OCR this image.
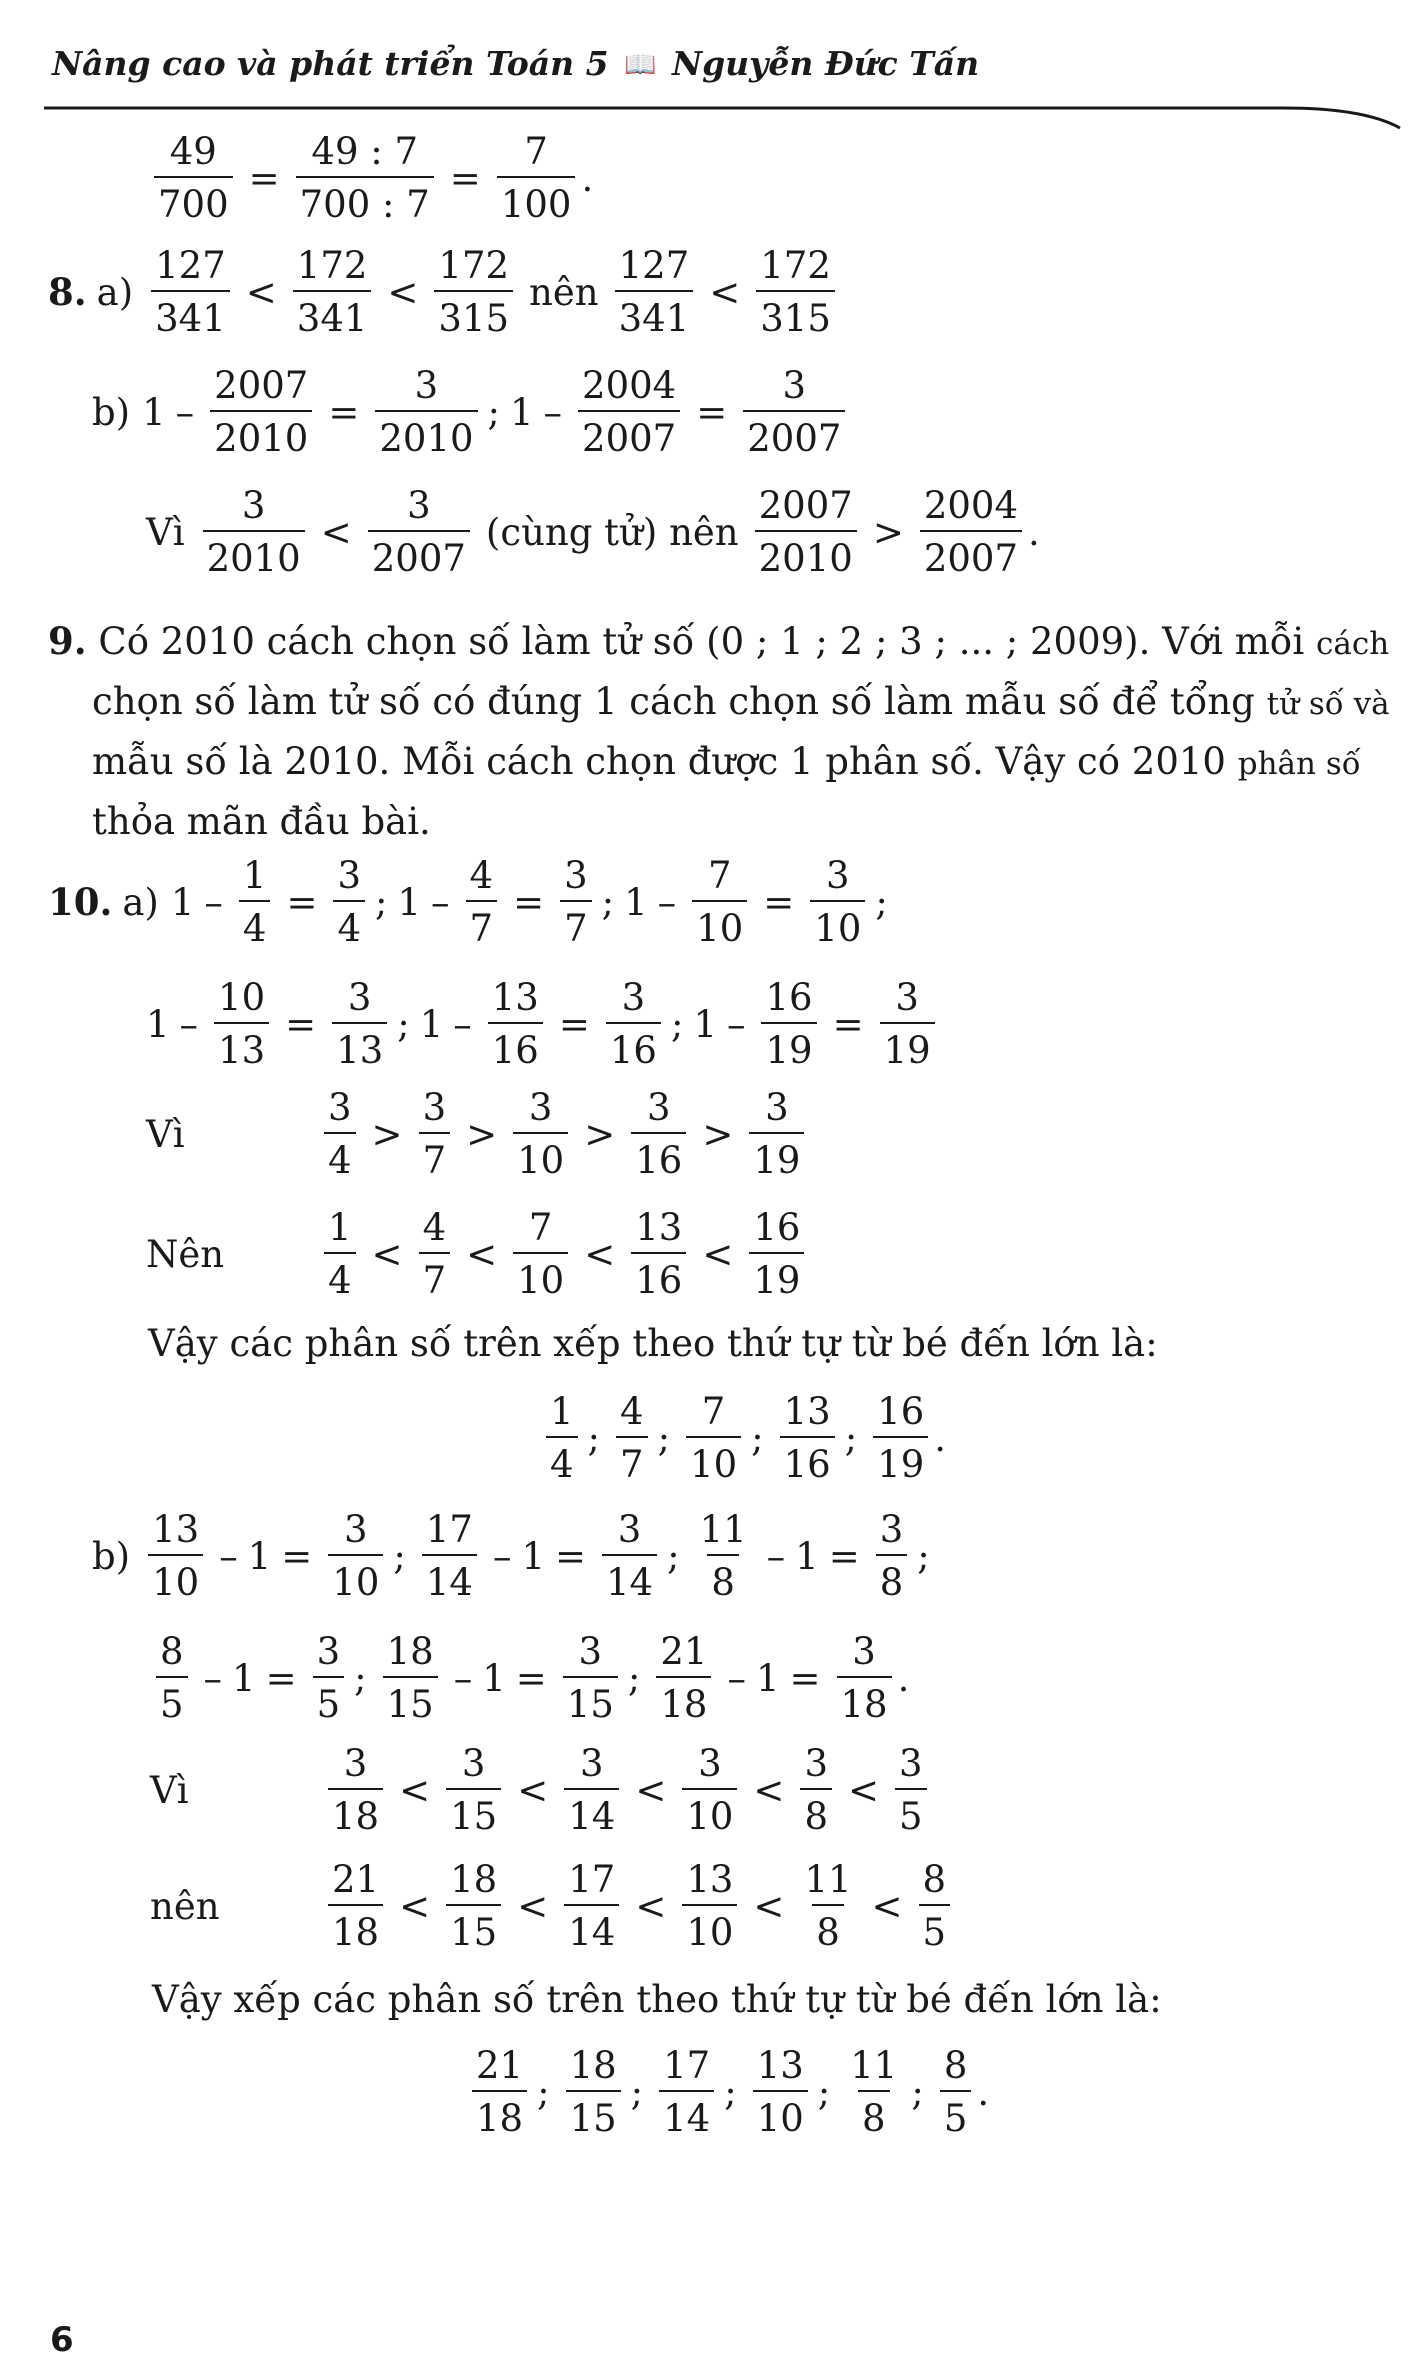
Nâng cao và phát triển Toán 5 📖 Nguyễn Đức Tấn
$\frac{49}{700} = \frac{49 : 7}{700 : 7} = \frac{7}{100}$ .
8. $a) \frac{127}{341} < \frac{172}{341} < \frac{172}{315}$ nên $\frac{127}{341} < \frac{172}{315}$
b) $1 - \frac{2007}{2010} = \frac{3}{2010}$ ; $1 - \frac{2004}{2007} = \frac{3}{2007}$
Vì $\frac{3}{2010} < \frac{3}{2007}$ (cùng tử) nên $\frac{2007}{2010} > \frac{2004}{2007}$ .
9. Có 2010 cách chọn số làm tử số (0 ; 1 ; 2 ; 3 ; ... ; 2009). Với mỗi cách
chọn số làm tử số có đúng 1 cách chọn số làm mẫu số để tổng tử số và
mẫu số là 2010. Mỗi cách chọn được 1 phân số. Vậy có 2010 phân số
thỏa mãn đầu bài.
10. a) $1 - \frac{1}{4} = \frac{3}{4}$ ; $1 - \frac{4}{7} = \frac{3}{7}$ ; $1 - \frac{7}{10} = \frac{3}{10}$ ;
$1 - \frac{10}{13} = \frac{3}{13}$ ; $1 - \frac{13}{16} = \frac{3}{16}$ ; $1 - \frac{16}{19} = \frac{3}{19}$
Vì	$\frac{3}{4} > \frac{3}{7} > \frac{3}{10} > \frac{3}{16} > \frac{3}{19}$
Nên	$\frac{1}{4} < \frac{4}{7} < \frac{7}{10} < \frac{13}{16} < \frac{16}{19}$
Vậy các phân số trên xếp theo thứ tự từ bé đến lớn là:
$\frac{1}{4}$ ; $\frac{4}{7}$ ; $\frac{7}{10}$ ; $\frac{13}{16}$ ; $\frac{16}{19}$ .
$b) \frac{13}{10} - 1 = \frac{3}{10}$ ; $\frac{17}{14} - 1 = \frac{3}{14}$ ; $\frac{11}{8} - 1 = \frac{3}{8}$ ;
$\frac{8}{5} - 1 = \frac{3}{5}$ ; $\frac{18}{15} - 1 = \frac{3}{15}$ ; $\frac{21}{18} - 1 = \frac{3}{18}$ .
Vì	$\frac{3}{18} < \frac{3}{15} < \frac{3}{14} < \frac{3}{10} < \frac{3}{8} < \frac{3}{5}$
nên	$\frac{21}{18} < \frac{18}{15} < \frac{17}{14} < \frac{13}{10} < \frac{11}{8} < \frac{8}{5}$
Vậy xếp các phân số trên theo thứ tự từ bé đến lớn là:
$\frac{21}{18}$ ; $\frac{18}{15}$ ; $\frac{17}{14}$ ; $\frac{13}{10}$ ; $\frac{11}{8}$ ; $\frac{8}{5}$ .
6
